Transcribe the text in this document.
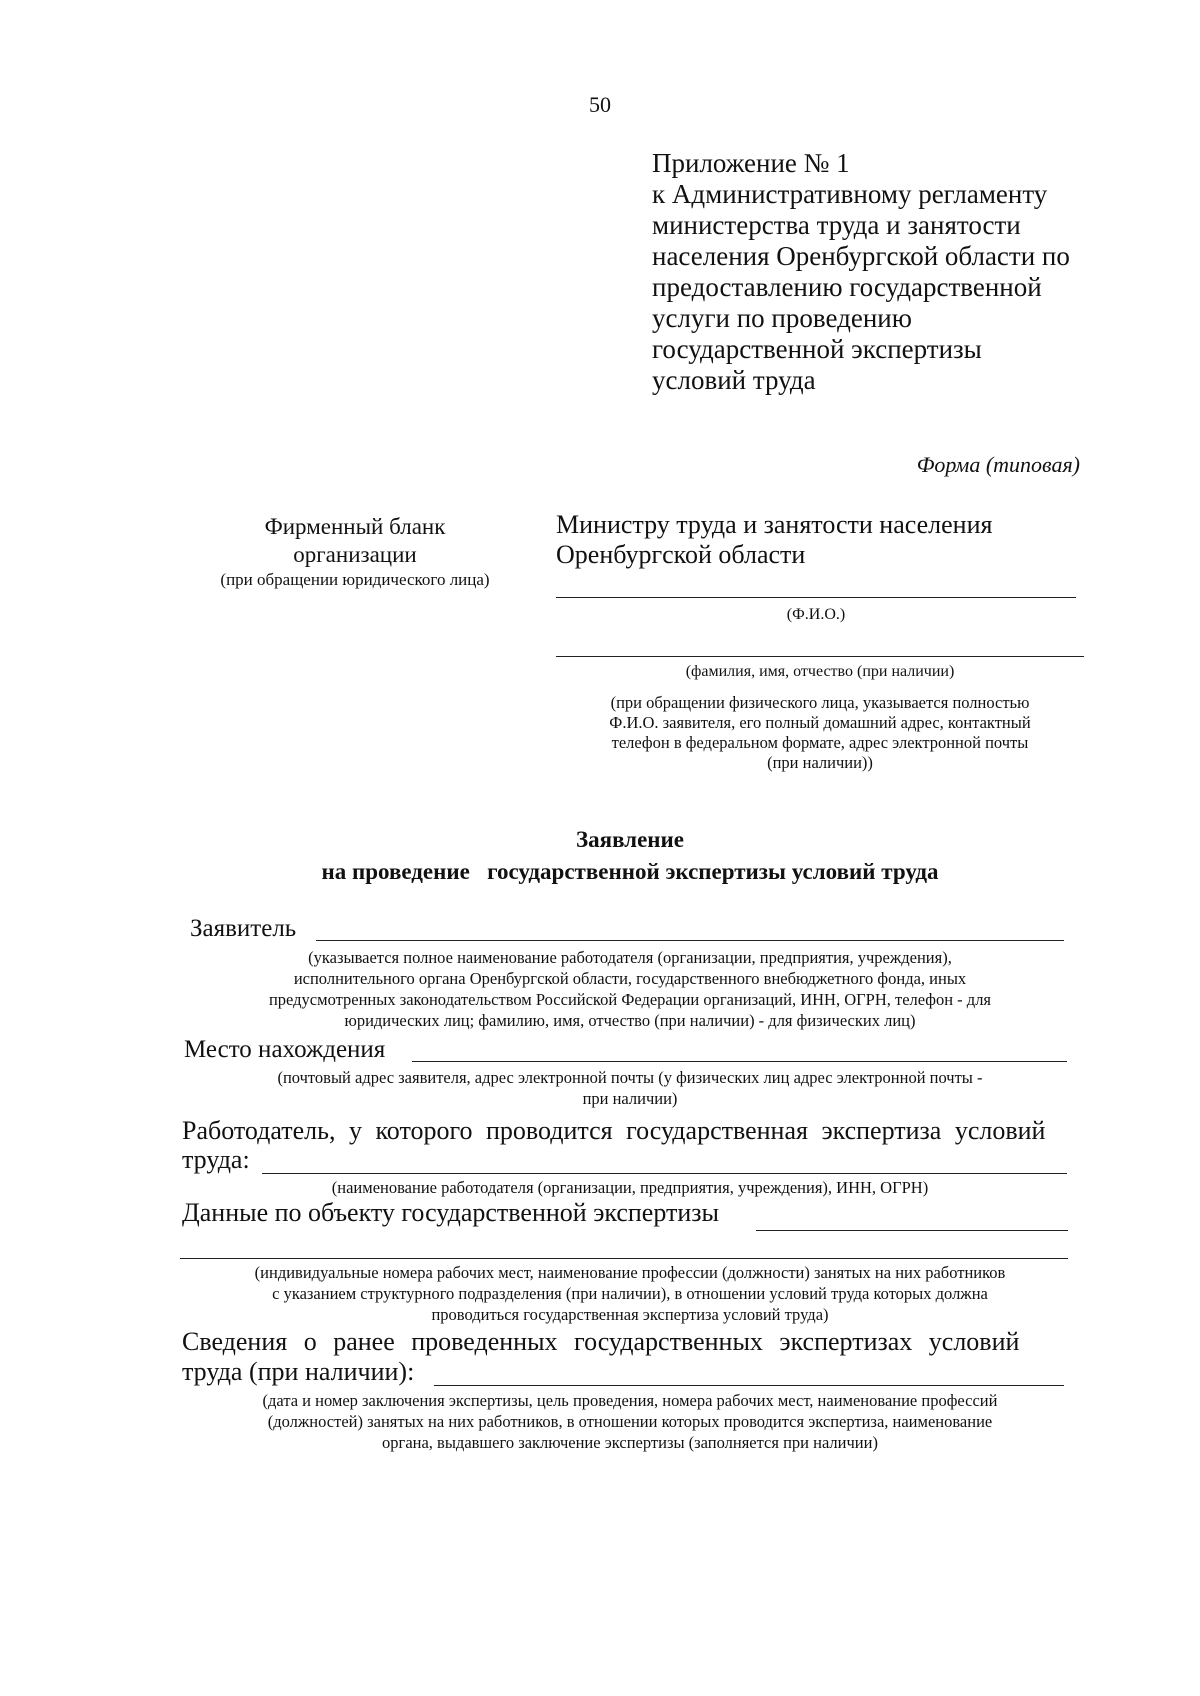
50
Приложение № 1
к Административному регламенту
министерства труда и занятости
населения Оренбургской области по
предоставлению государственной
услуги по проведению
государственной экспертизы
условий труда
Форма (типовая)
Фирменный бланк
организации
(при обращении юридического лица)
Министру труда и занятости населения
Оренбургской области
(Ф.И.О.)
(фамилия, имя, отчество (при наличии)
(при обращении физического лица, указывается полностью
Ф.И.О. заявителя, его полный домашний адрес, контактный
телефон в федеральном формате, адрес электронной почты
(при наличии))
Заявление
на проведение   государственной экспертизы условий труда
Заявитель
(указывается полное наименование работодателя (организации, предприятия, учреждения),
исполнительного органа Оренбургской области, государственного внебюджетного фонда, иных
предусмотренных законодательством Российской Федерации организаций, ИНН, ОГРН, телефон - для
юридических лиц; фамилию, имя, отчество (при наличии) - для физических лиц)
Место нахождения
(почтовый адрес заявителя, адрес электронной почты (у физических лиц адрес электронной почты -
при наличии)
Работодатель, у которого проводится государственная экспертиза условий
труда:
(наименование работодателя (организации, предприятия, учреждения), ИНН, ОГРН)
Данные по объекту государственной экспертизы
(индивидуальные номера рабочих мест, наименование профессии (должности) занятых на них работников
с указанием структурного подразделения (при наличии), в отношении условий труда которых должна
проводиться государственная экспертиза условий труда)
Сведения о ранее проведенных государственных экспертизах условий
труда (при наличии):
(дата и номер заключения экспертизы, цель проведения, номера рабочих мест, наименование профессий
(должностей) занятых на них работников, в отношении которых проводится экспертиза, наименование
органа, выдавшего заключение экспертизы (заполняется при наличии)
